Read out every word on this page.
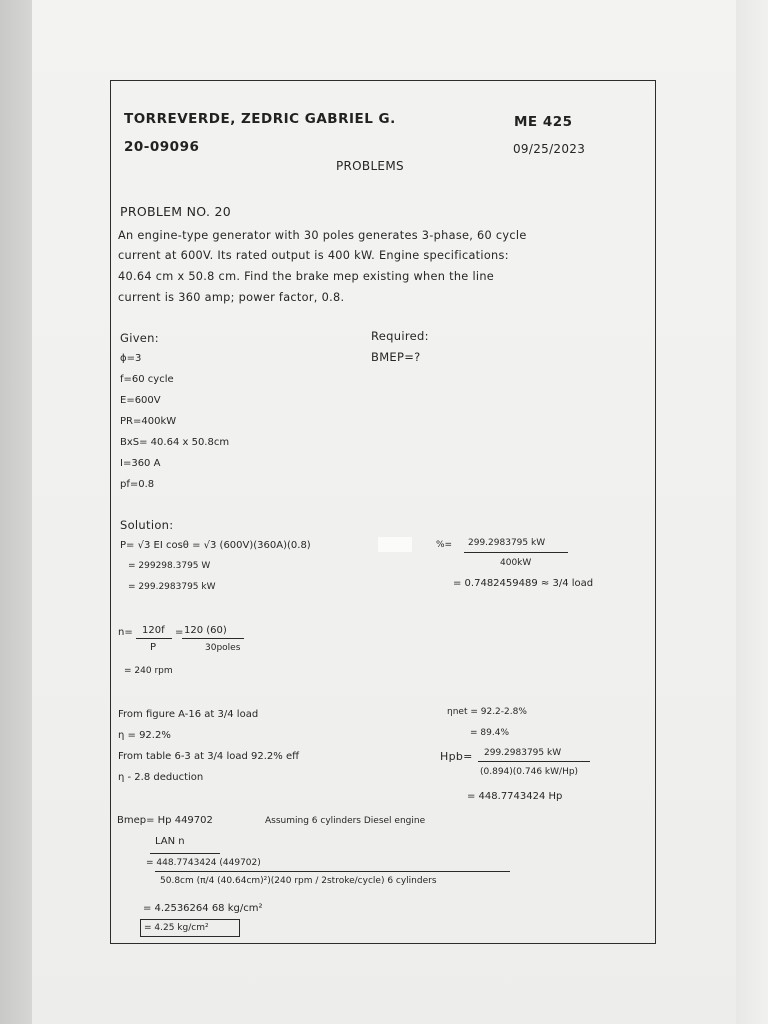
TORREVERDE, ZEDRIC GABRIEL G.	ME 425
20-09096	09/25/2023
PROBLEMS
PROBLEM NO. 20
An engine-type generator with 30 poles generates 3-phase, 60 cycle
current at 600V. Its rated output is 400 kW. Engine specifications:
40.64 cm x 50.8 cm. Find the brake mep existing when the line
current is 360 amp; power factor, 0.8.
Given:
ϕ=3
f=60 cycle
E=600V
PR=400kW
BxS= 40.64 x 50.8cm
I=360 A
pf=0.8
Required:
BMEP=?
Solution:
P= √3 EI cosθ = √3 (600V)(360A)(0.8)
= 299298.3795 W
= 299.2983795 kW
%= 299.2983795 kW
400kW
= 0.7482459489 ≈ 3/4 load
n= 120f
P
= 120 (60)
30poles
= 240 rpm
From figure A-16 at 3/4 load
η = 92.2%
From table 6-3 at 3/4 load 92.2% eff
η - 2.8 deduction
ηnet = 92.2-2.8%
= 89.4%
Hpb= 299.2983795 kW
(0.894)(0.746 kW/Hp)
= 448.7743424 Hp
Bmep= Hp 449702	Assuming 6 cylinders Diesel engine
LAN n
= 448.7743424 (449702)
50.8cm (π/4 (40.64cm)²)(240 rpm / 2stroke/cycle) 6 cylinders
= 4.2536264 68 kg/cm²
= 4.25 kg/cm²
